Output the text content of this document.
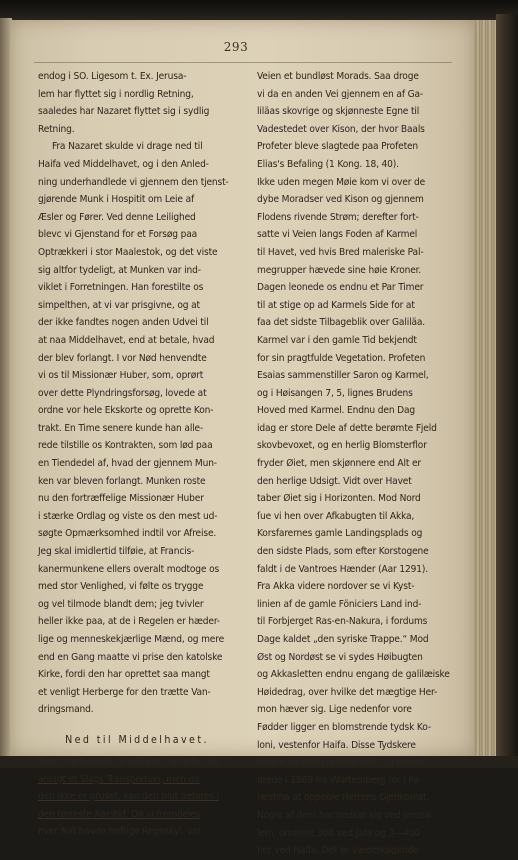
293
endog i SO. Ligesom t. Ex. Jerusa-
lem har flyttet sig i nordlig Retning,
saaledes har Nazaret flyttet sig i sydlig
Retning.
Fra Nazaret skulde vi drage ned til
Haifa ved Middelhavet, og i den Anled-
ning underhandlede vi gjennem den tjenst-
gjørende Munk i Hospitit om Leie af
Æsler og Fører. Ved denne Leilighed
blevc vi Gjenstand for et Forsøg paa
Optrækkeri i stor Maalestok, og det viste
sig altfor tydeligt, at Munken var ind-
viklet i Forretningen. Han forestilte os
simpelthen, at vi var prisgivne, og at
der ikke fandtes nogen anden Udvei til
at naa Middelhavet, end at betale, hvad
der blev forlangt. I vor Nød henvendte
vi os til Missionær Huber, som, oprørt
over dette Plyndringsforsøg, lovede at
ordne vor hele Ekskorte og oprette Kon-
trakt. En Time senere kunde han alle-
rede tilstille os Kontrakten, som lød paa
en Tiendedel af, hvad der gjennem Mun-
ken var bleven forlangt. Munken roste
nu den fortræffelige Missionær Huber
i stærke Ordlag og viste os den mest ud-
søgte Opmærksomhed indtil vor Afreise.
Jeg skal imidlertid tilføie, at Francis-
kanermunkene ellers overalt modtoge os
med stor Venlighed, vi følte os trygge
og vel tilmode blandt dem; jeg tvivler
heller ikke paa, at de i Regelen er hæder-
lige og menneskekjærlige Mænd, og mere
end en Gang maatte vi prise den katolske
Kirke, fordi den har oprettet saa mangt
et venligt Herberge for den trætte Van-
dringsmand.
Ned til Middelhavet.
Turen fra Nazaret til Haifa er i senefte Tid
anlagt et Slags Transportvei, men da
den ikke er gruset, kan den blot befares i
den tørreste Aarstid. Da vi fremdeles
hver Nat havde heftige Regnskyl, var
Veien et bundløst Morads. Saa droge
vi da en anden Vei gjennem en af Ga-
liläas skovrige og skjønneste Egne til
Vadestedet over Kison, der hvor Baals
Profeter bleve slagtede paa Profeten
Elias's Befaling (1 Kong. 18, 40).
Ikke uden megen Møie kom vi over de
dybe Moradser ved Kison og gjennem
Flodens rivende Strøm; derefter fort-
satte vi Veien langs Foden af Karmel
til Havet, ved hvis Bred maleriske Pal-
megrupper hævede sine høie Kroner.
Dagen leonede os endnu et Par Timer
til at stige op ad Karmels Side for at
faa det sidste Tilbageblik over Galiläa.
Karmel var i den gamle Tid bekjendt
for sin pragtfulde Vegetation. Profeten
Esaias sammenstiller Saron og Karmel,
og i Høisangen 7, 5, lignes Brudens
Hoved med Karmel. Endnu den Dag
idag er store Dele af dette berømte Fjeld
skovbevoxet, og en herlig Blomsterflor
fryder Øiet, men skjønnere end Alt er
den herlige Udsigt. Vidt over Havet
taber Øiet sig i Horizonten. Mod Nord
ſue vi hen over Afkabugten til Akka,
Korsfarernes gamle Landingsplads og
den sidste Plads, som efter Korstogene
faldt i de Vantroes Hænder (Aar 1291).
Fra Akka videre nordover se vi Kyst-
linien af de gamle Föniciers Land ind-
til Forbjerget Ras-en-Nakura, i fordums
Dage kaldet „den syriske Trappe.“ Mod
Øst og Nordøst se vi sydes Høibugten
og Akkasletten endnu engang de galilæiske
Høidedrag, over hvilke det mægtige Her-
mon hæver sig. Lige nedenfor vore
Fødder ligger en blomstrende tydsk Ko-
loni, vestenfor Haifa. Disse Tydskere
danne en egen religiøs Sekt og udvan-
drede i 1869 fra Würtemberg for i Pa-
læstina at oppebie Herrens Gjenkomst.
Nogle af dem har nedsat sig ved Jerusa-
lem, omtrent 300 ved Jafa og 3—400
her ved Haifa. Det er væderkagende
